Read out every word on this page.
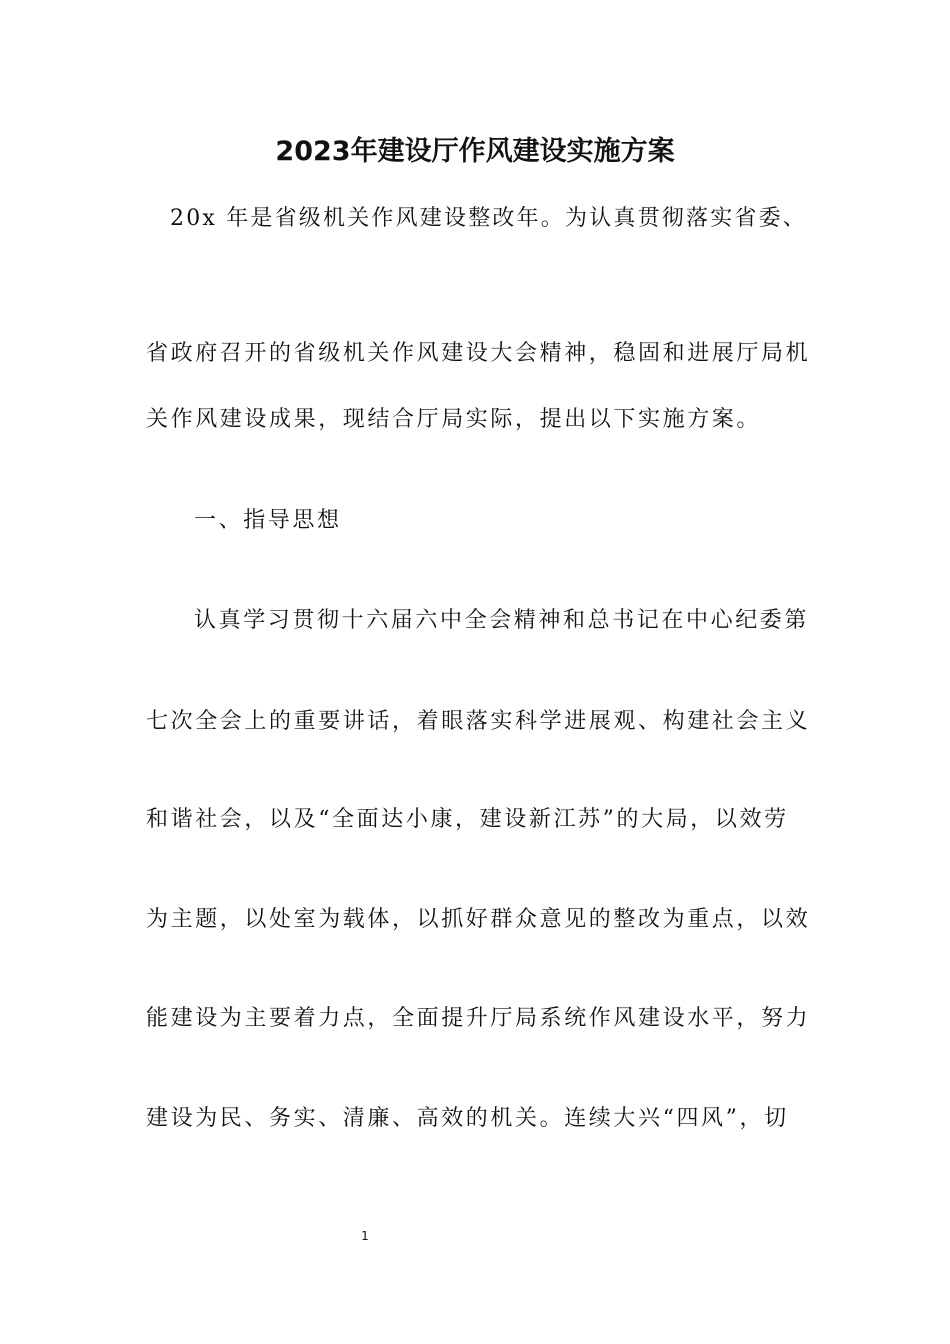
2023年建设厅作风建设实施方案
20x 年是省级机关作风建设整改年。为认真贯彻落实省委、
省政府召开的省级机关作风建设大会精神，稳固和进展厅局机
关作风建设成果，现结合厅局实际，提出以下实施方案。
一、指导思想
认真学习贯彻十六届六中全会精神和总书记在中心纪委第
七次全会上的重要讲话，着眼落实科学进展观、构建社会主义
和谐社会，以及“全面达小康，建设新江苏”的大局，以效劳
为主题，以处室为载体，以抓好群众意见的整改为重点，以效
能建设为主要着力点，全面提升厅局系统作风建设水平，努力
建设为民、务实、清廉、高效的机关。连续大兴“四风”，切
1
